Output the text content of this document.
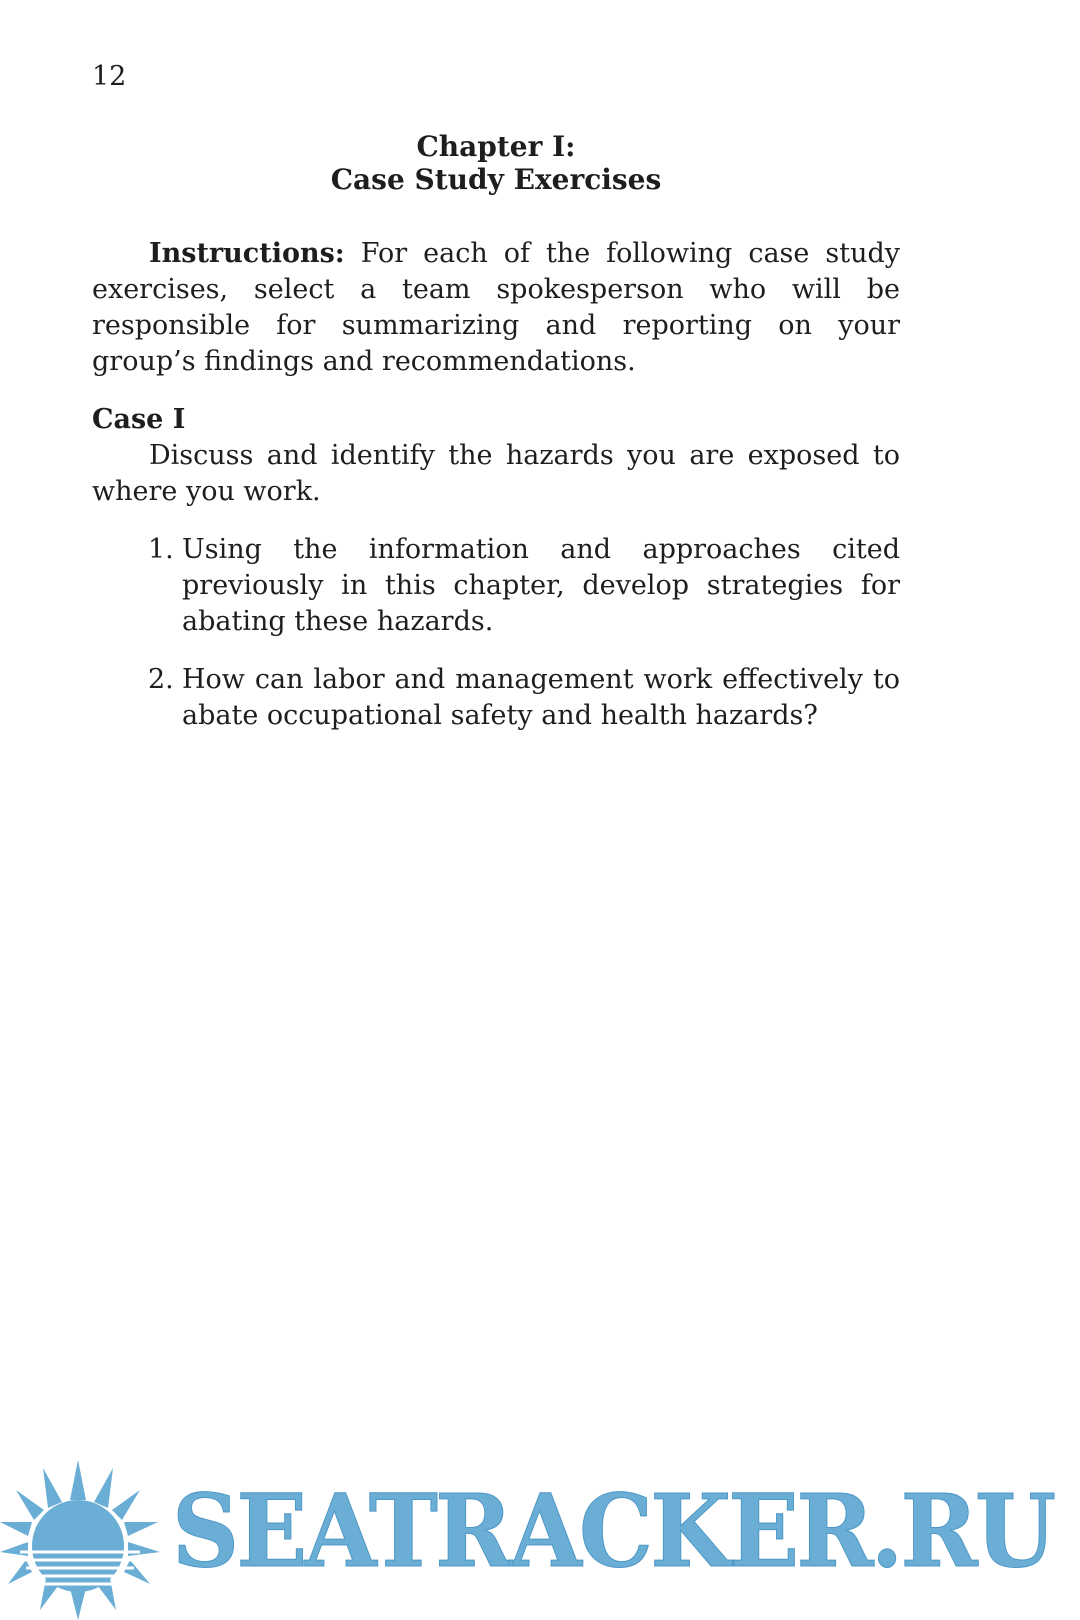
12
Chapter I:
Case Study Exercises

Instructions: For each of the following case study exercises, select a team spokesperson who will be responsible for summarizing and reporting on your group’s findings and recommendations.

Case I

Discuss and identify the hazards you are exposed to where you work.

1. Using the information and approaches cited previously in this chapter, develop strategies for abating these hazards.
2. How can labor and management work effectively to abate occupational safety and health hazards?
SEATRACKER.RU
